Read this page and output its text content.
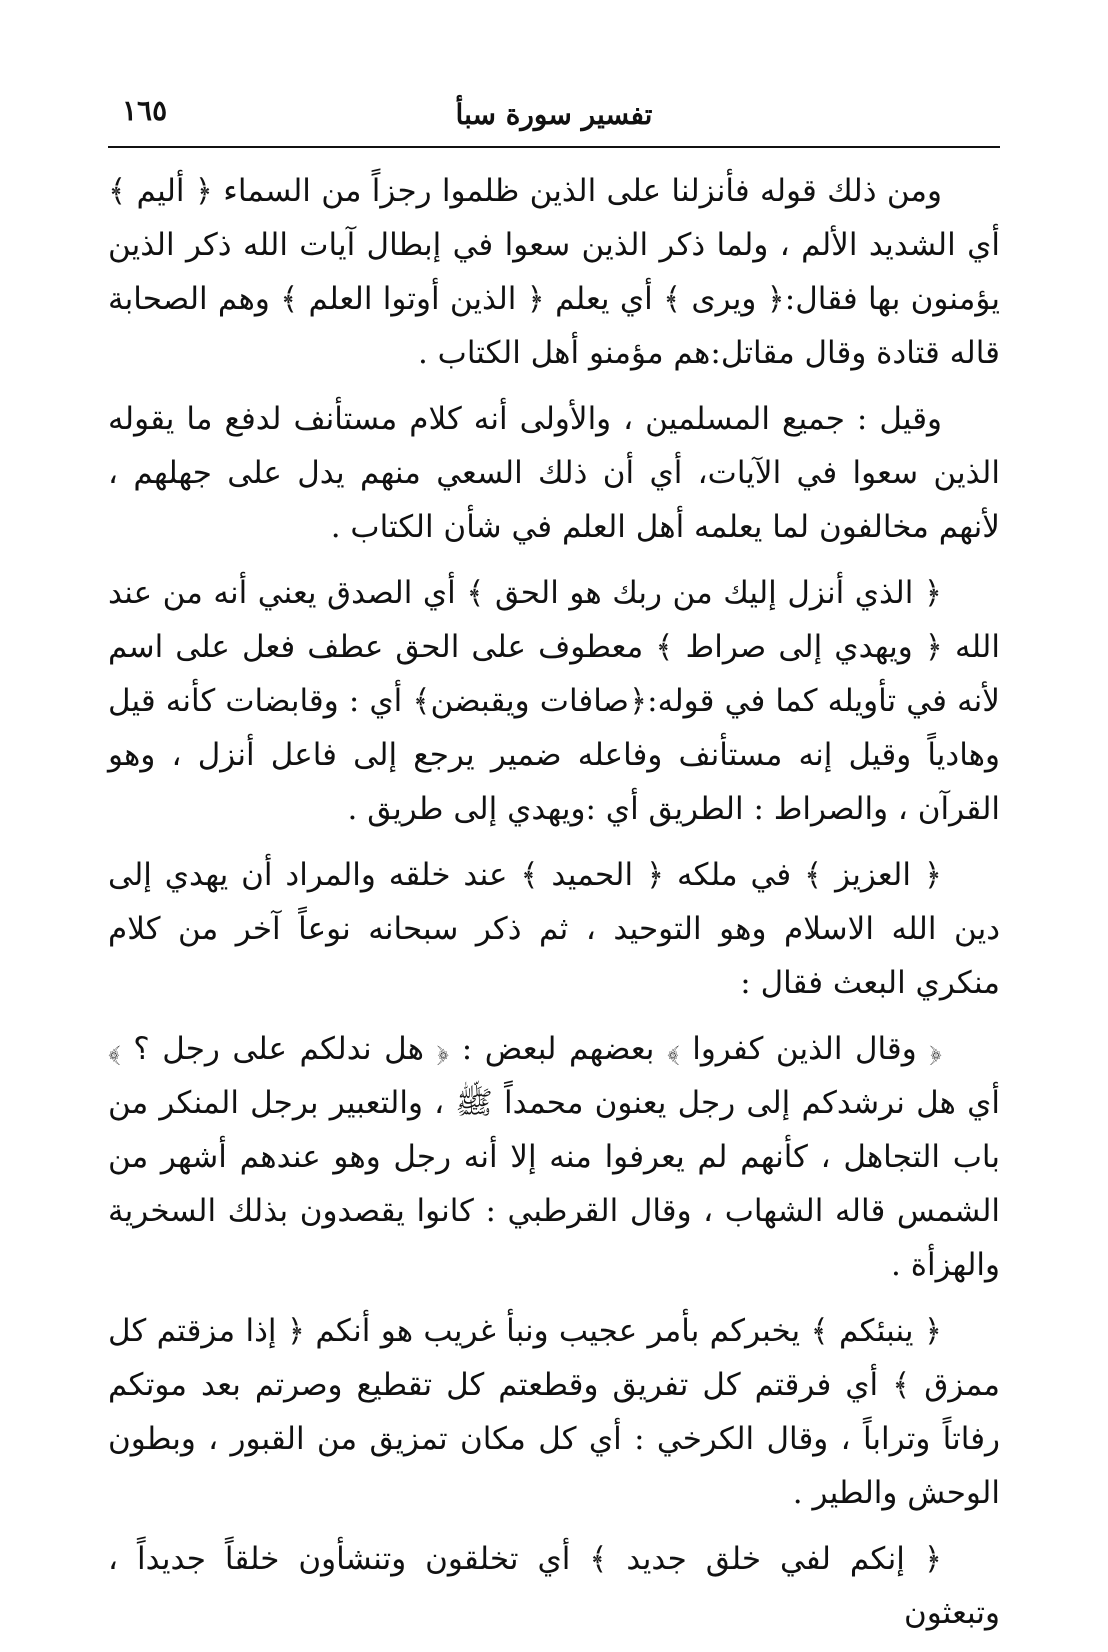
تفسير سورة سبأ
١٦٥

ومن ذلك قوله فأنزلنا على الذين ظلموا رجزاً من السماء ﴿ أليم ﴾ أي الشديد الألم ، ولما ذكر الذين سعوا في إبطال آيات الله ذكر الذين يؤمنون بها فقال:﴿ ويرى ﴾ أي يعلم ﴿ الذين أوتوا العلم ﴾ وهم الصحابة قاله قتادة وقال مقاتل:هم مؤمنو أهل الكتاب .

وقيل : جميع المسلمين ، والأولى أنه كلام مستأنف لدفع ما يقوله الذين سعوا في الآيات، أي أن ذلك السعي منهم يدل على جهلهم ، لأنهم مخالفون لما يعلمه أهل العلم في شأن الكتاب .

﴿ الذي أنزل إليك من ربك هو الحق ﴾ أي الصدق يعني أنه من عند الله ﴿ ويهدي إلى صراط ﴾ معطوف على الحق عطف فعل على اسم لأنه في تأويله كما في قوله:﴿صافات ويقبضن﴾ أي : وقابضات كأنه قيل وهادياً وقيل إنه مستأنف وفاعله ضمير يرجع إلى فاعل أنزل ، وهو القرآن ، والصراط : الطريق أي :ويهدي إلى طريق .

﴿ العزيز ﴾ في ملكه ﴿ الحميد ﴾ عند خلقه والمراد أن يهدي إلى دين الله الاسلام وهو التوحيد ، ثم ذكر سبحانه نوعاً آخر من كلام منكري البعث فقال :

﴿ وقال الذين كفروا ﴾ بعضهم لبعض : ﴿ هل ندلكم على رجل ؟ ﴾ أي هل نرشدكم إلى رجل يعنون محمداً ﷺ ، والتعبير برجل المنكر من باب التجاهل ، كأنهم لم يعرفوا منه إلا أنه رجل وهو عندهم أشهر من الشمس قاله الشهاب ، وقال القرطبي : كانوا يقصدون بذلك السخرية والهزأة .

﴿ ينبئكم ﴾ يخبركم بأمر عجيب ونبأ غريب هو أنكم ﴿ إذا مزقتم كل ممزق ﴾ أي فرقتم كل تفريق وقطعتم كل تقطيع وصرتم بعد موتكم رفاتاً وتراباً ، وقال الكرخي : أي كل مكان تمزيق من القبور ، وبطون الوحش والطير .

﴿ إنكم لفي خلق جديد ﴾ أي تخلقون وتنشأون خلقاً جديداً ، وتبعثون
